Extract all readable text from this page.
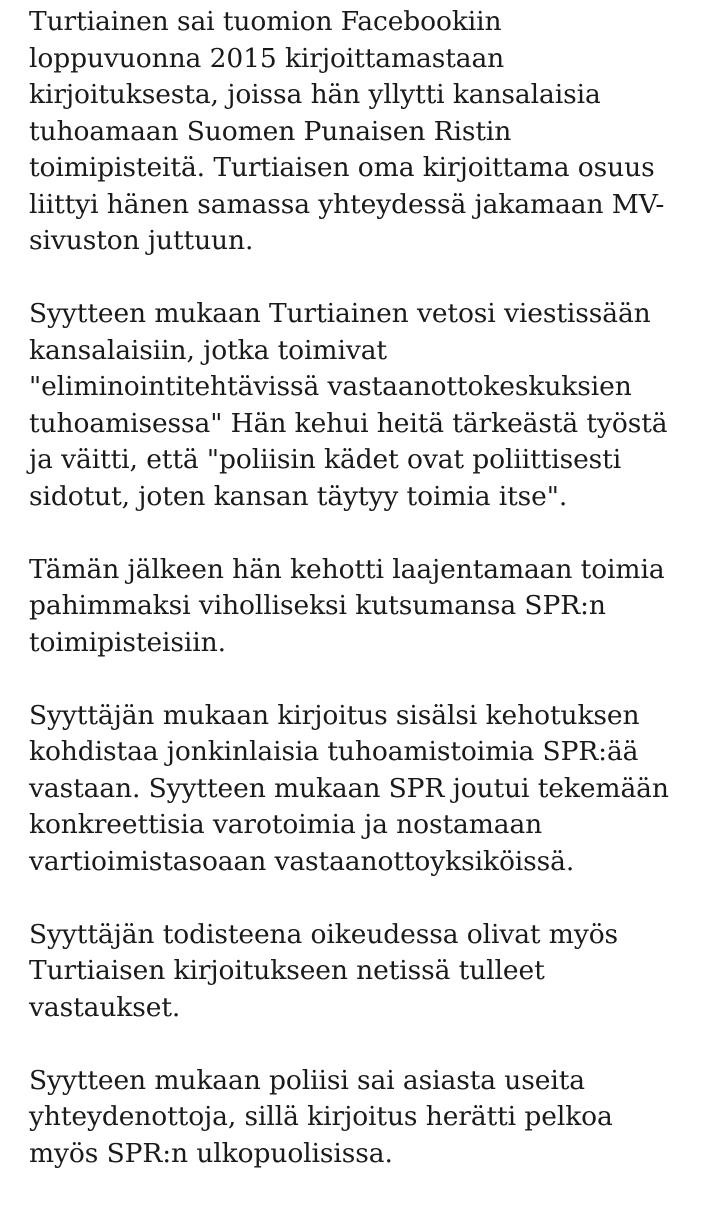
Turtiainen sai tuomion Facebookiin
loppuvuonna 2015 kirjoittamastaan
kirjoituksesta, joissa hän yllytti kansalaisia
tuhoamaan Suomen Punaisen Ristin
toimipisteitä. Turtiaisen oma kirjoittama osuus
liittyi hänen samassa yhteydessä jakamaan MV-
sivuston juttuun.

Syytteen mukaan Turtiainen vetosi viestissään
kansalaisiin, jotka toimivat
"eliminointitehtävissä vastaanottokeskuksien
tuhoamisessa" Hän kehui heitä tärkeästä työstä
ja väitti, että "poliisin kädet ovat poliittisesti
sidotut, joten kansan täytyy toimia itse".

Tämän jälkeen hän kehotti laajentamaan toimia
pahimmaksi viholliseksi kutsumansa SPR:n
toimipisteisiin.

Syyttäjän mukaan kirjoitus sisälsi kehotuksen
kohdistaa jonkinlaisia tuhoamistoimia SPR:ää
vastaan. Syytteen mukaan SPR joutui tekemään
konkreettisia varotoimia ja nostamaan
vartioimistasoaan vastaanottoyksiköissä.

Syyttäjän todisteena oikeudessa olivat myös
Turtiaisen kirjoitukseen netissä tulleet
vastaukset.

Syytteen mukaan poliisi sai asiasta useita
yhteydenottoja, sillä kirjoitus herätti pelkoa
myös SPR:n ulkopuolisissa.
